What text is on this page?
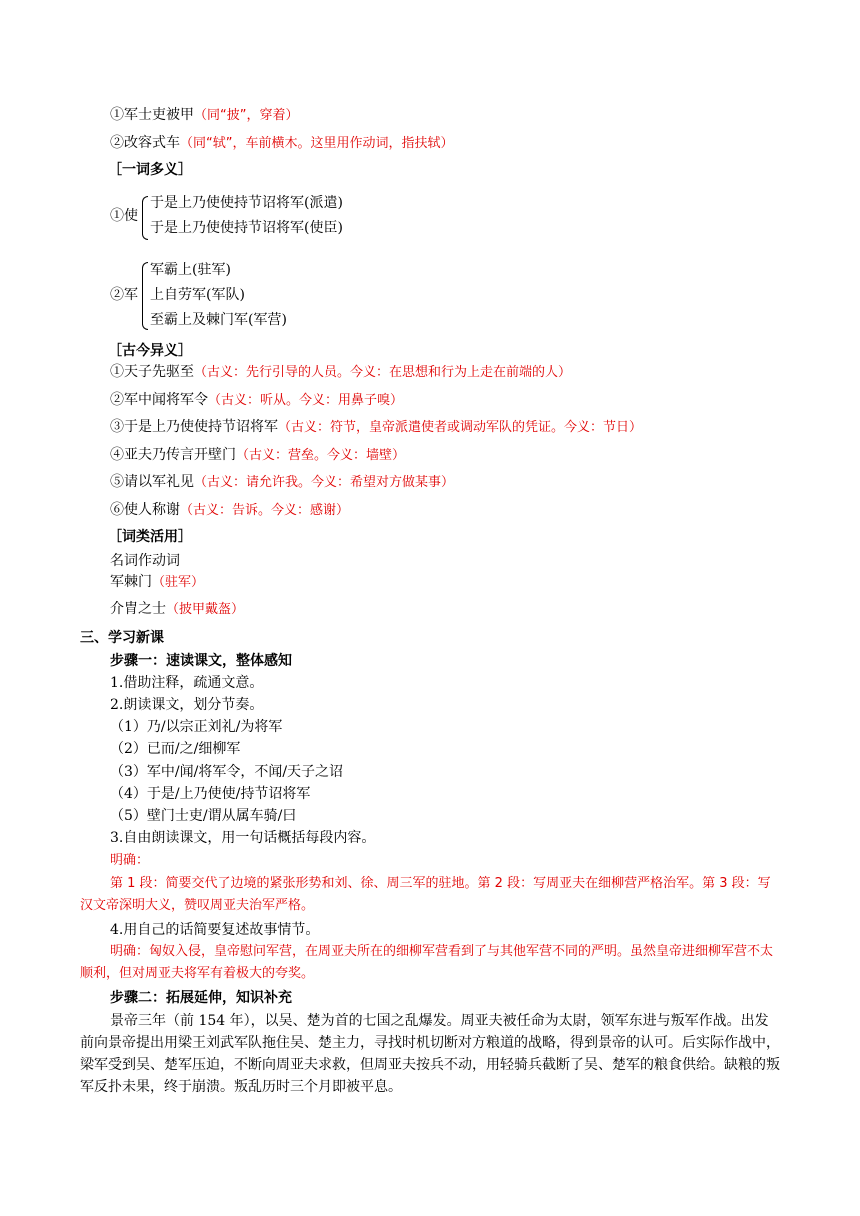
①军士吏被甲（同“披”，穿着）
②改容式车（同“轼”，车前横木。这里用作动词，指扶轼）
［一词多义］
①使
于是上乃使使持节诏将军(派遣)
于是上乃使使持节诏将军(使臣)
②军
军霸上(驻军)
上自劳军(军队)
至霸上及棘门军(军营)
［古今异义］
①天子先驱至（古义：先行引导的人员。今义：在思想和行为上走在前端的人）
②军中闻将军令（古义：听从。今义：用鼻子嗅）
③于是上乃使使持节诏将军（古义：符节，皇帝派遣使者或调动军队的凭证。今义：节日）
④亚夫乃传言开壁门（古义：营垒。今义：墙壁）
⑤请以军礼见（古义：请允许我。今义：希望对方做某事）
⑥使人称谢（古义：告诉。今义：感谢）
［词类活用］
名词作动词
军棘门（驻军）
介胄之士（披甲戴盔）
三、学习新课
步骤一：速读课文，整体感知
1.借助注释，疏通文意。
2.朗读课文，划分节奏。
（1）乃/以宗正刘礼/为将军
（2）已而/之/细柳军
（3）军中/闻/将军令，不闻/天子之诏
（4）于是/上乃使使/持节诏将军
（5）壁门士吏/谓从属车骑/曰
3.自由朗读课文，用一句话概括每段内容。
明确：
第 1 段：简要交代了边境的紧张形势和刘、徐、周三军的驻地。第 2 段：写周亚夫在细柳营严格治军。第 3 段：写汉文帝深明大义，赞叹周亚夫治军严格。
4.用自己的话简要复述故事情节。
明确：匈奴入侵，皇帝慰问军营，在周亚夫所在的细柳军营看到了与其他军营不同的严明。虽然皇帝进细柳军营不太顺利，但对周亚夫将军有着极大的夸奖。
步骤二：拓展延伸，知识补充
景帝三年（前 154 年），以吴、楚为首的七国之乱爆发。周亚夫被任命为太尉，领军东进与叛军作战。出发前向景帝提出用梁王刘武军队拖住吴、楚主力，寻找时机切断对方粮道的战略，得到景帝的认可。后实际作战中，梁军受到吴、楚军压迫，不断向周亚夫求救，但周亚夫按兵不动，用轻骑兵截断了吴、楚军的粮食供给。缺粮的叛军反扑未果，终于崩溃。叛乱历时三个月即被平息。
